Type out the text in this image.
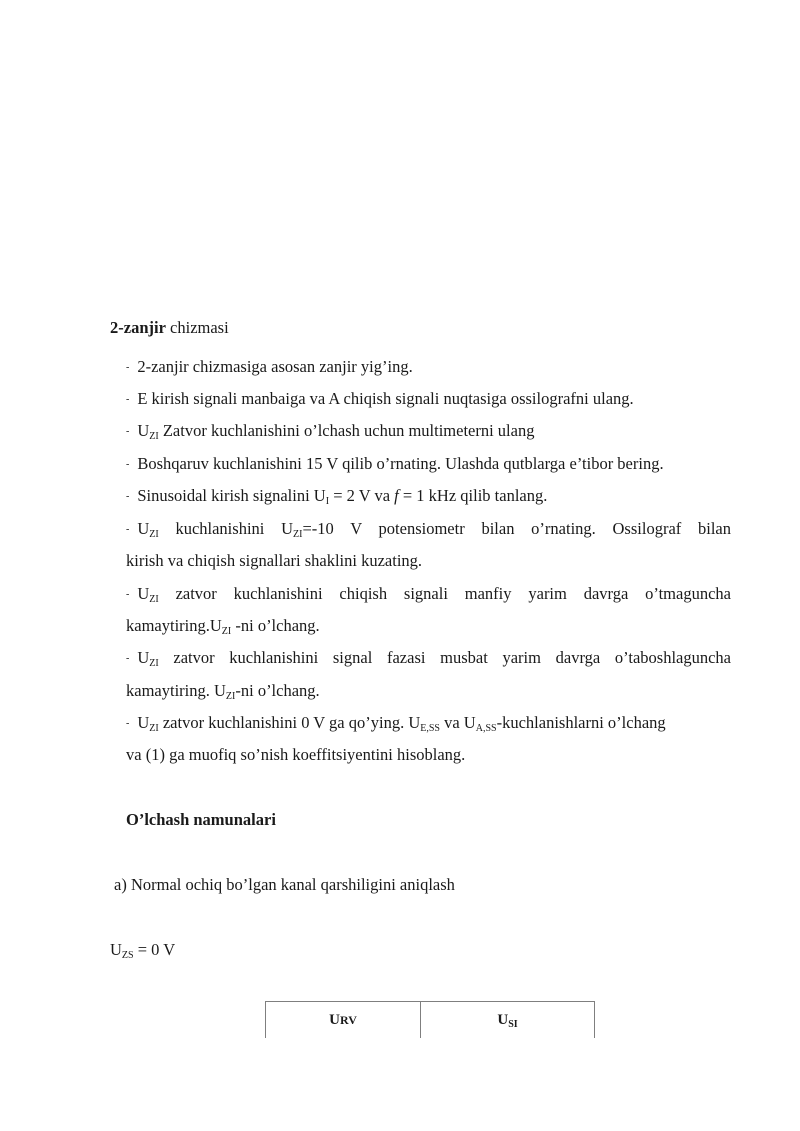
2-zanjir chizmasi
- 2-zanjir chizmasiga asosan zanjir yig’ing.
- E kirish signali manbaiga va A chiqish signali nuqtasiga ossilografni ulang.
- $U_{ZI}$ Zatvor kuchlanishini o’lchash uchun multimeterni ulang
- Boshqaruv kuchlanishini 15 V qilib o’rnating. Ulashda qutblarga e’tibor bering.
- Sinusoidal kirish signalini $U_I = 2$ V va f = 1 kHz qilib tanlang.
- $U_{ZI}$ kuchlanishini $U_{ZI}=-10$ V potensiometr bilan o’rnating. Ossilograf bilan
kirish va chiqish signallari shaklini kuzating.
- $U_{ZI}$ zatvor kuchlanishini chiqish signali manfiy yarim davrga o’tmaguncha
$kamaytiring.U_{ZI}$ -ni o’lchang.
- $U_{ZI}$ zatvor kuchlanishini signal fazasi musbat yarim davrga o’taboshlaguncha
kamaytiring. $U_{ZI}-ni$ o’lchang.
- $U_{ZI}$ zatvor kuchlanishini 0 V ga qo’ying. $U_{E,SS}$ va $U_{A,SS}$-kuchlanishlarni o’lchang
va (1) ga muofiq so’nish koeffitsiyentini hisoblang.
O’lchash namunalari
a) Normal ochiq bo’lgan kanal qarshiligini aniqlash
$U_{ZS} = 0$ V
URV	$U_{SI}$
